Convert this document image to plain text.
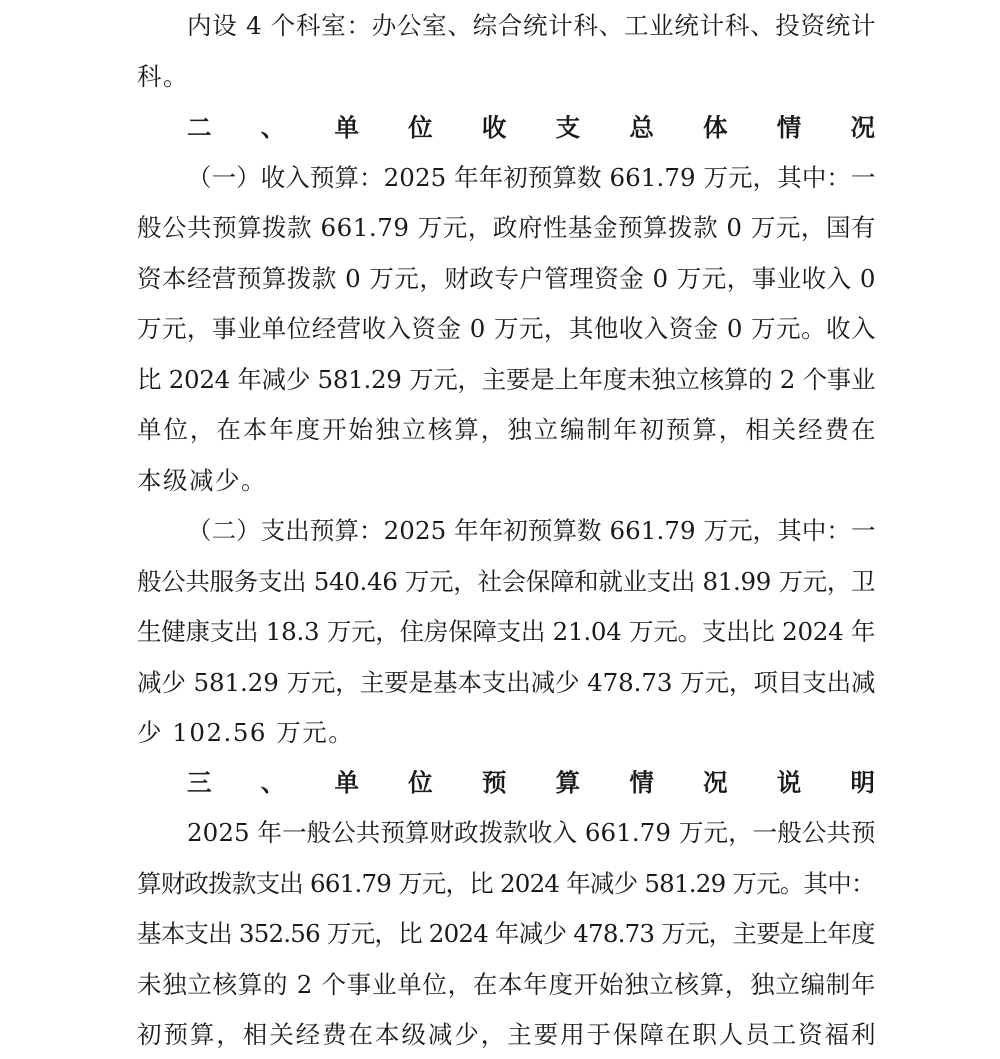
内设 4 个科室：办公室、综合统计科、工业统计科、投资统计
科。
二、单位收支总体情况
（一）收入预算：2025 年年初预算数 661.79 万元，其中：一
般公共预算拨款 661.79 万元，政府性基金预算拨款 0 万元，国有
资本经营预算拨款 0 万元，财政专户管理资金 0 万元，事业收入 0
万元，事业单位经营收入资金 0 万元，其他收入资金 0 万元。收入
比 2024 年减少 581.29 万元，主要是上年度未独立核算的 2 个事业
单位，在本年度开始独立核算，独立编制年初预算，相关经费在
本级减少。
（二）支出预算：2025 年年初预算数 661.79 万元，其中：一
般公共服务支出 540.46 万元，社会保障和就业支出 81.99 万元，卫
生健康支出 18.3 万元，住房保障支出 21.04 万元。支出比 2024 年
减少 581.29 万元，主要是基本支出减少 478.73 万元，项目支出减
少 102.56 万元。
三、单位预算情况说明
2025 年一般公共预算财政拨款收入 661.79 万元，一般公共预
算财政拨款支出 661.79 万元，比 2024 年减少 581.29 万元。其中：
基本支出 352.56 万元，比 2024 年减少 478.73 万元，主要是上年度
未独立核算的 2 个事业单位，在本年度开始独立核算，独立编制年
初预算，相关经费在本级减少，主要用于保障在职人员工资福利
